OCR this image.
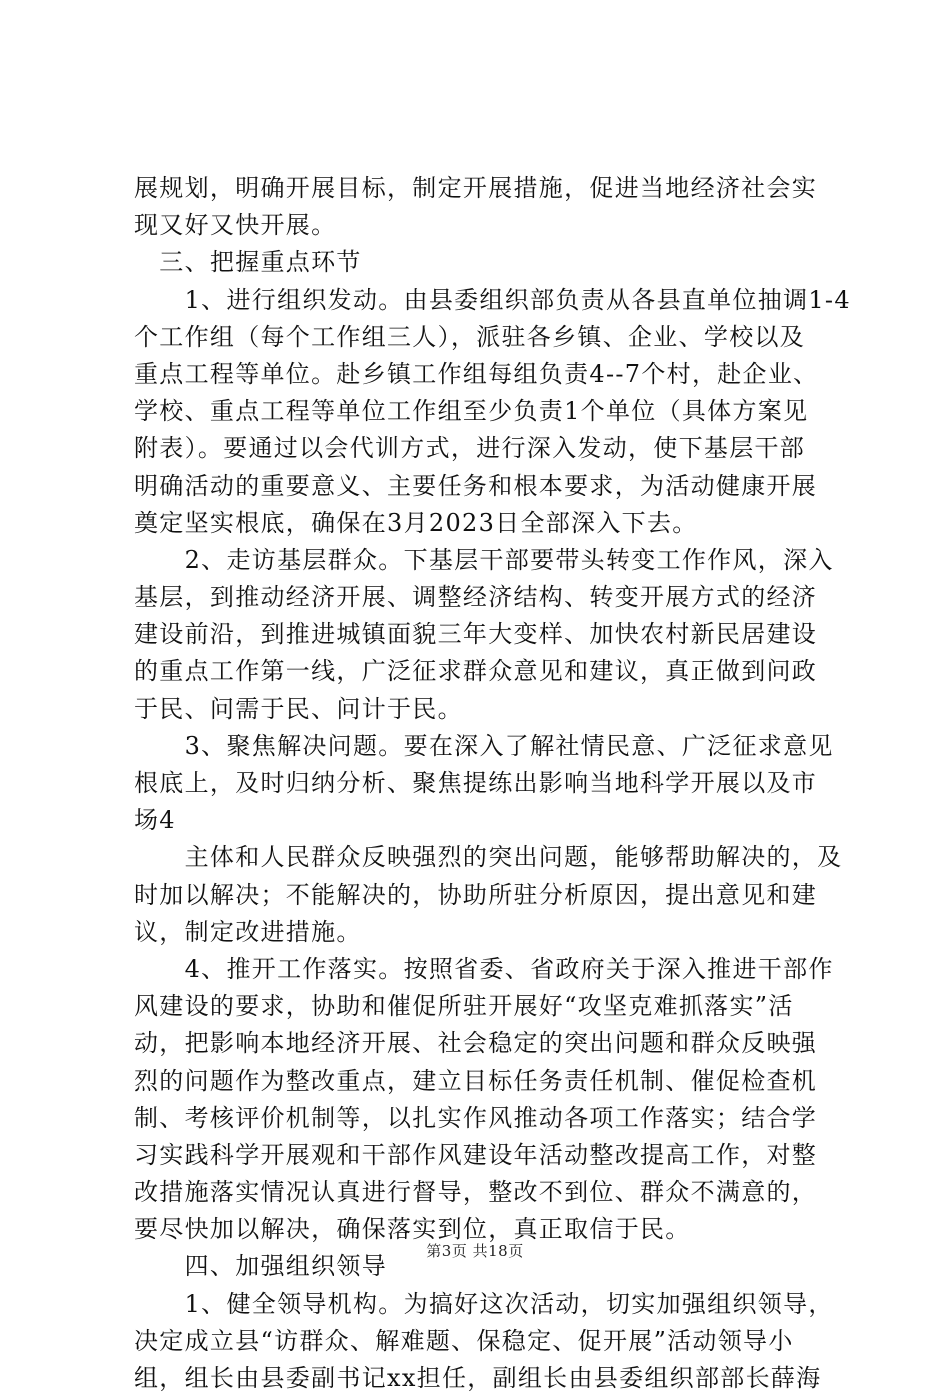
展规划，明确开展目标，制定开展措施，促进当地经济社会实
现又好又快开展。
　三、把握重点环节
　　1、进行组织发动。由县委组织部负责从各县直单位抽调1-4
个工作组（每个工作组三人），派驻各乡镇、企业、学校以及
重点工程等单位。赴乡镇工作组每组负责4--7个村，赴企业、
学校、重点工程等单位工作组至少负责1个单位（具体方案见
附表）。要通过以会代训方式，进行深入发动，使下基层干部
明确活动的重要意义、主要任务和根本要求，为活动健康开展
奠定坚实根底，确保在3月2023日全部深入下去。
　　2、走访基层群众。下基层干部要带头转变工作作风，深入
基层，到推动经济开展、调整经济结构、转变开展方式的经济
建设前沿，到推进城镇面貌三年大变样、加快农村新民居建设
的重点工作第一线，广泛征求群众意见和建议，真正做到问政
于民、问需于民、问计于民。
　　3、聚焦解决问题。要在深入了解社情民意、广泛征求意见
根底上，及时归纳分析、聚焦提练出影响当地科学开展以及市
场4
　　主体和人民群众反映强烈的突出问题，能够帮助解决的，及
时加以解决；不能解决的，协助所驻分析原因，提出意见和建
议，制定改进措施。
　　4、推开工作落实。按照省委、省政府关于深入推进干部作
风建设的要求，协助和催促所驻开展好“攻坚克难抓落实”活
动，把影响本地经济开展、社会稳定的突出问题和群众反映强
烈的问题作为整改重点，建立目标任务责任机制、催促检查机
制、考核评价机制等，以扎实作风推动各项工作落实；结合学
习实践科学开展观和干部作风建设年活动整改提高工作，对整
改措施落实情况认真进行督导，整改不到位、群众不满意的，
要尽快加以解决，确保落实到位，真正取信于民。
　　四、加强组织领导
　　1、健全领导机构。为搞好这次活动，切实加强组织领导，
决定成立县“访群众、解难题、保稳定、促开展”活动领导小
组，组长由县委副书记xx担任，副组长由县委组织部部长薛海
第3页 共18页
